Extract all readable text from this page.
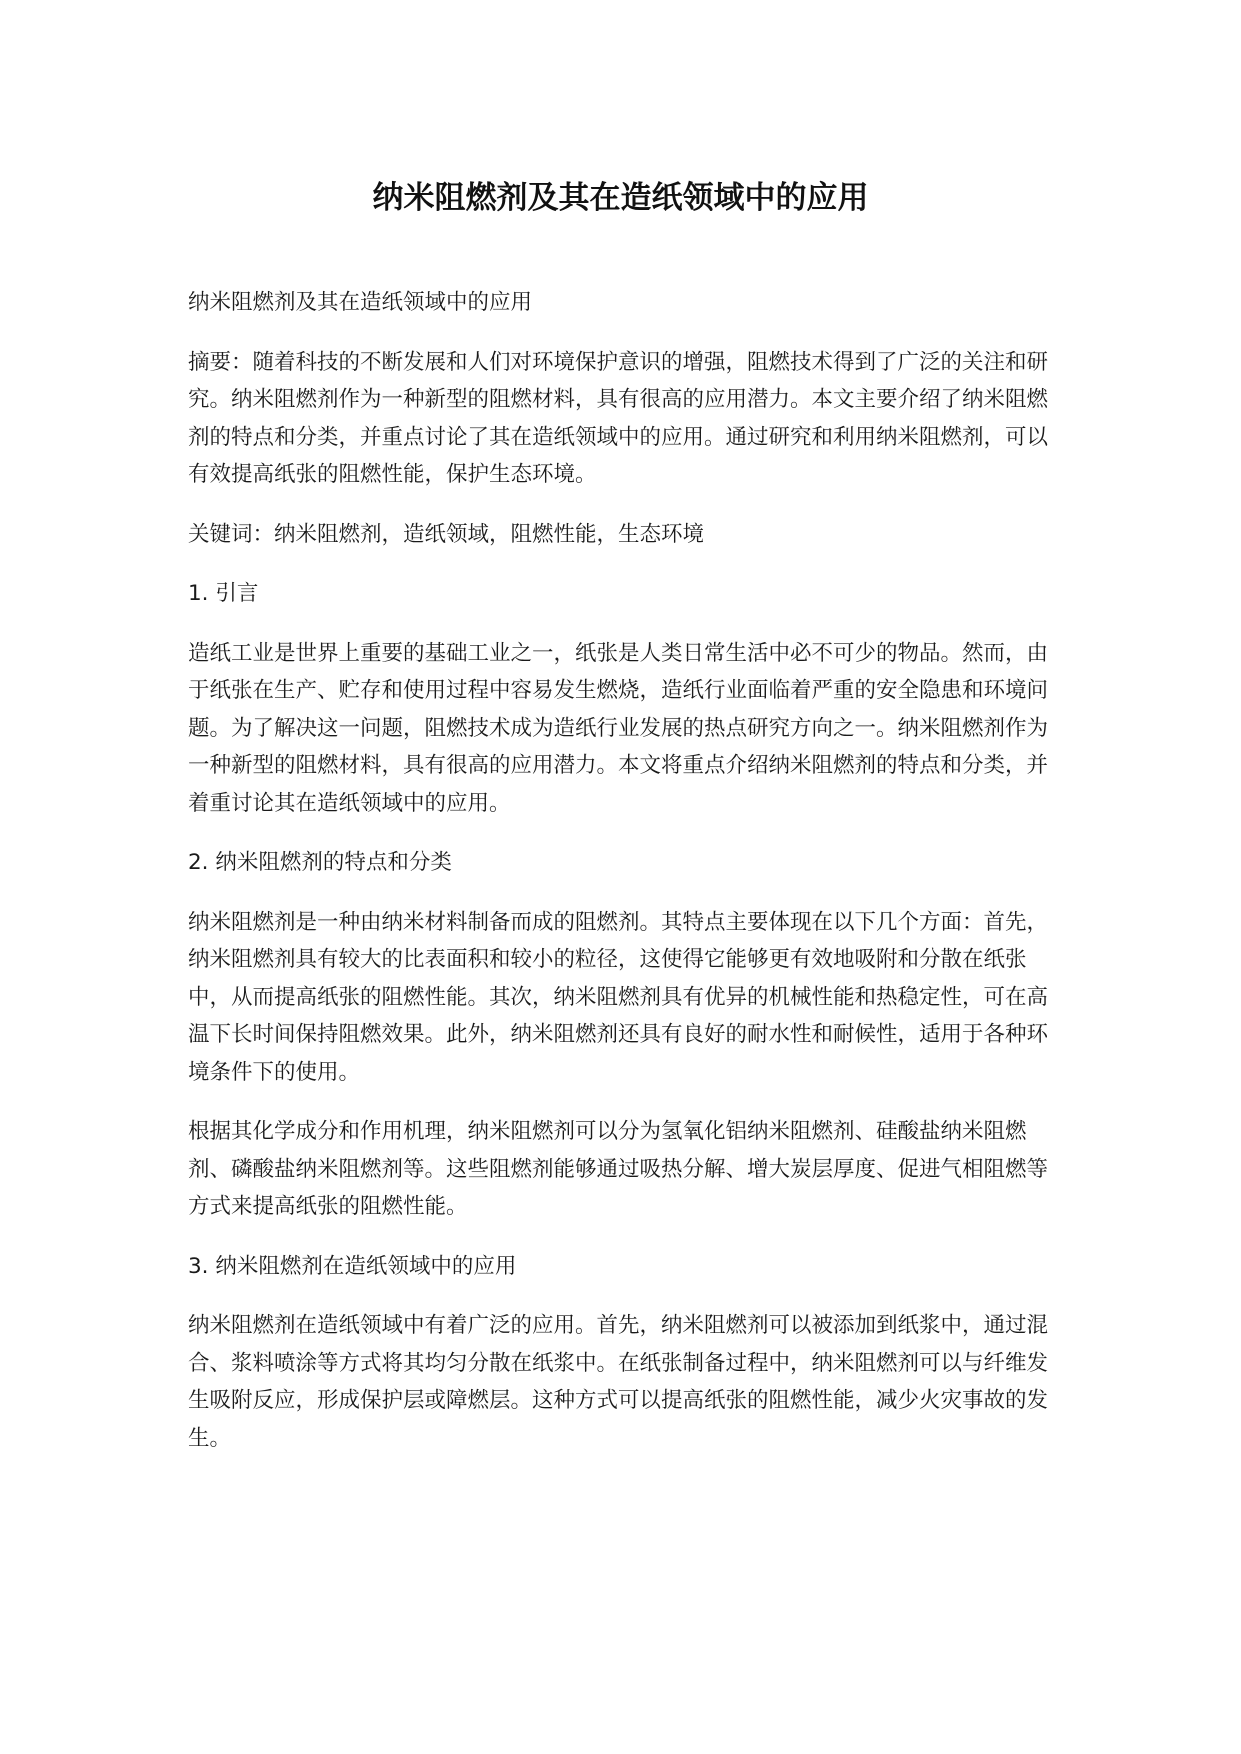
纳米阻燃剂及其在造纸领域中的应用

纳米阻燃剂及其在造纸领域中的应用

摘要：随着科技的不断发展和人们对环境保护意识的增强，阻燃技术得到了广泛的关注和研究。纳米阻燃剂作为一种新型的阻燃材料，具有很高的应用潜力。本文主要介绍了纳米阻燃剂的特点和分类，并重点讨论了其在造纸领域中的应用。通过研究和利用纳米阻燃剂，可以有效提高纸张的阻燃性能，保护生态环境。

关键词：纳米阻燃剂，造纸领域，阻燃性能，生态环境

1. 引言

造纸工业是世界上重要的基础工业之一，纸张是人类日常生活中必不可少的物品。然而，由于纸张在生产、贮存和使用过程中容易发生燃烧，造纸行业面临着严重的安全隐患和环境问题。为了解决这一问题，阻燃技术成为造纸行业发展的热点研究方向之一。纳米阻燃剂作为一种新型的阻燃材料，具有很高的应用潜力。本文将重点介绍纳米阻燃剂的特点和分类，并着重讨论其在造纸领域中的应用。

2. 纳米阻燃剂的特点和分类

纳米阻燃剂是一种由纳米材料制备而成的阻燃剂。其特点主要体现在以下几个方面：首先，纳米阻燃剂具有较大的比表面积和较小的粒径，这使得它能够更有效地吸附和分散在纸张中，从而提高纸张的阻燃性能。其次，纳米阻燃剂具有优异的机械性能和热稳定性，可在高温下长时间保持阻燃效果。此外，纳米阻燃剂还具有良好的耐水性和耐候性，适用于各种环境条件下的使用。

根据其化学成分和作用机理，纳米阻燃剂可以分为氢氧化铝纳米阻燃剂、硅酸盐纳米阻燃剂、磷酸盐纳米阻燃剂等。这些阻燃剂能够通过吸热分解、增大炭层厚度、促进气相阻燃等方式来提高纸张的阻燃性能。

3. 纳米阻燃剂在造纸领域中的应用

纳米阻燃剂在造纸领域中有着广泛的应用。首先，纳米阻燃剂可以被添加到纸浆中，通过混合、浆料喷涂等方式将其均匀分散在纸浆中。在纸张制备过程中，纳米阻燃剂可以与纤维发生吸附反应，形成保护层或障燃层。这种方式可以提高纸张的阻燃性能，减少火灾事故的发生。
